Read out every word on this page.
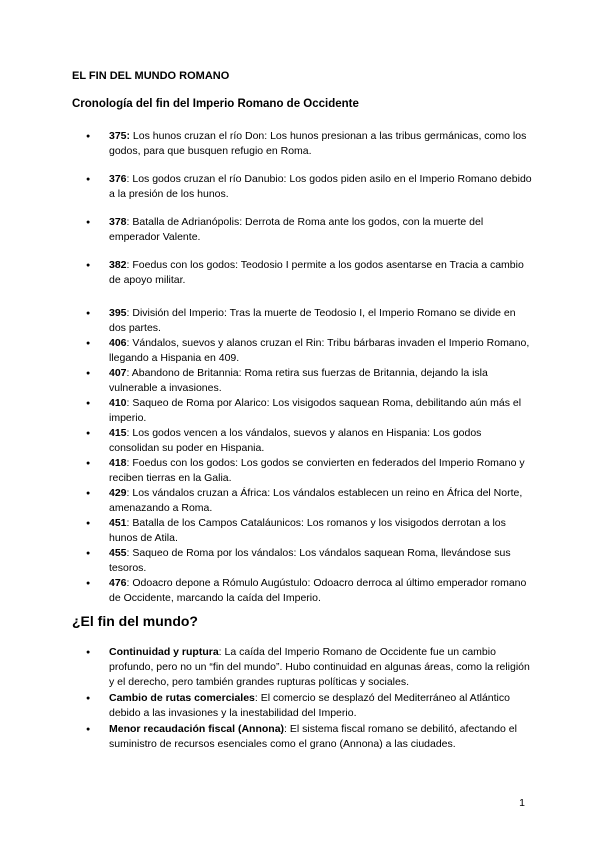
EL FIN DEL MUNDO ROMANO
Cronología del fin del Imperio Romano de Occidente
● 375: Los hunos cruzan el río Don: Los hunos presionan a las tribus germánicas, como los godos, para que busquen refugio en Roma.
● 376: Los godos cruzan el río Danubio: Los godos piden asilo en el Imperio Romano debido a la presión de los hunos.
● 378: Batalla de Adrianópolis: Derrota de Roma ante los godos, con la muerte del emperador Valente.
● 382: Foedus con los godos: Teodosio I permite a los godos asentarse en Tracia a cambio de apoyo militar.
● 395: División del Imperio: Tras la muerte de Teodosio I, el Imperio Romano se divide en dos partes.
● 406: Vándalos, suevos y alanos cruzan el Rin: Tribu bárbaras invaden el Imperio Romano, llegando a Hispania en 409.
● 407: Abandono de Britannia: Roma retira sus fuerzas de Britannia, dejando la isla vulnerable a invasiones.
● 410: Saqueo de Roma por Alarico: Los visigodos saquean Roma, debilitando aún más el imperio.
● 415: Los godos vencen a los vándalos, suevos y alanos en Hispania: Los godos consolidan su poder en Hispania.
● 418: Foedus con los godos: Los godos se convierten en federados del Imperio Romano y reciben tierras en la Galia.
● 429: Los vándalos cruzan a África: Los vándalos establecen un reino en África del Norte, amenazando a Roma.
● 451: Batalla de los Campos Cataláunicos: Los romanos y los visigodos derrotan a los hunos de Atila.
● 455: Saqueo de Roma por los vándalos: Los vándalos saquean Roma, llevándose sus tesoros.
● 476: Odoacro depone a Rómulo Augústulo: Odoacro derroca al último emperador romano de Occidente, marcando la caída del Imperio.
¿El fin del mundo?
● Continuidad y ruptura: La caída del Imperio Romano de Occidente fue un cambio profundo, pero no un “fin del mundo”. Hubo continuidad en algunas áreas, como la religión y el derecho, pero también grandes rupturas políticas y sociales.
● Cambio de rutas comerciales: El comercio se desplazó del Mediterráneo al Atlántico debido a las invasiones y la inestabilidad del Imperio.
● Menor recaudación fiscal (Annona): El sistema fiscal romano se debilitó, afectando el suministro de recursos esenciales como el grano (Annona) a las ciudades.
1
